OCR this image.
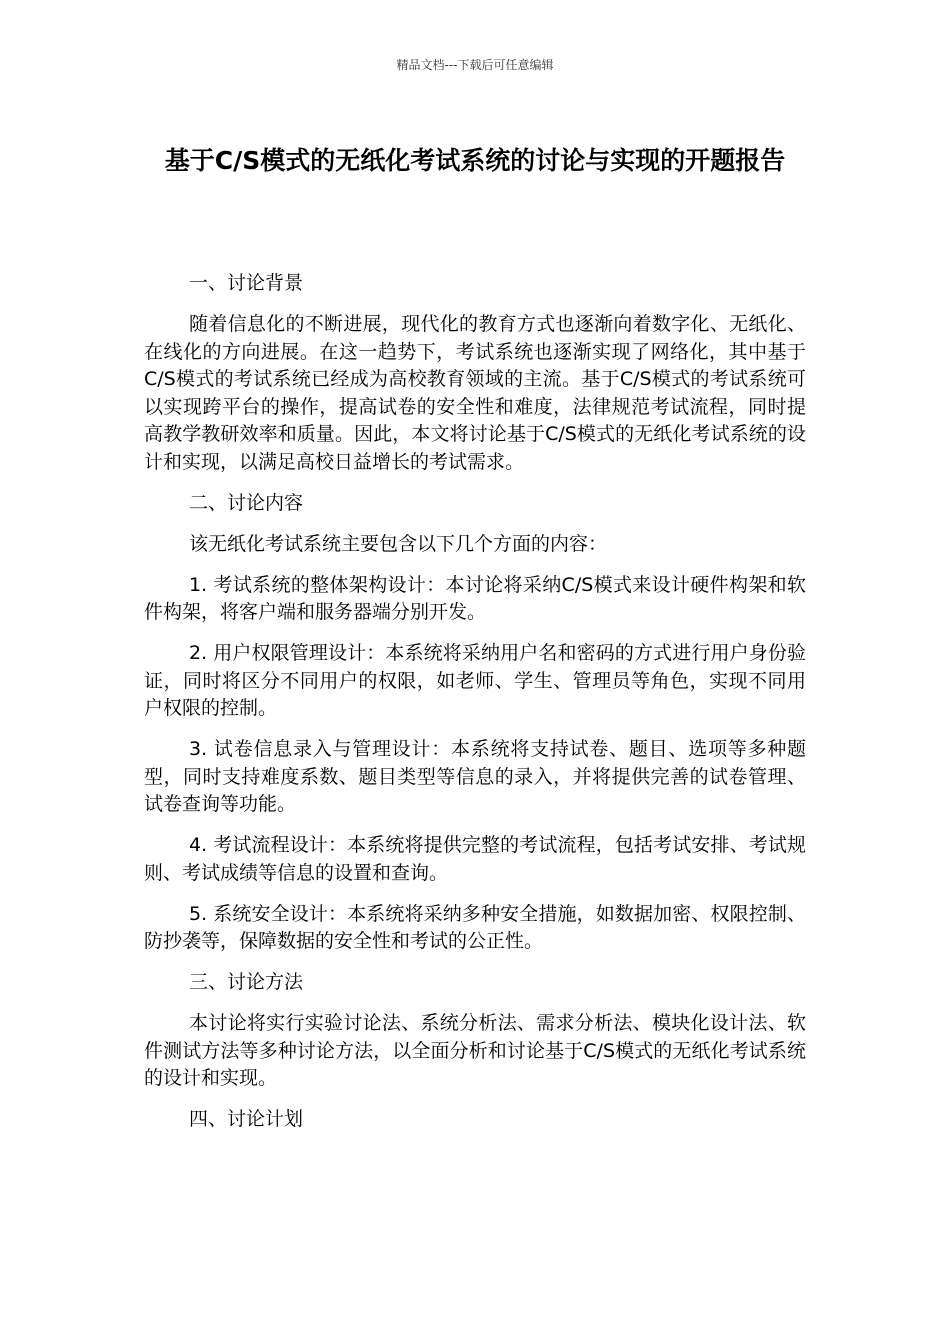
精品文档---下载后可任意编辑
基于C/S模式的无纸化考试系统的讨论与实现的开题报告

一、讨论背景

随着信息化的不断进展，现代化的教育方式也逐渐向着数字化、无纸化、在线化的方向进展。在这一趋势下，考试系统也逐渐实现了网络化，其中基于C/S模式的考试系统已经成为高校教育领域的主流。基于C/S模式的考试系统可以实现跨平台的操作，提高试卷的安全性和难度，法律规范考试流程，同时提高教学教研效率和质量。因此，本文将讨论基于C/S模式的无纸化考试系统的设计和实现，以满足高校日益增长的考试需求。

二、讨论内容

该无纸化考试系统主要包含以下几个方面的内容：

1. 考试系统的整体架构设计：本讨论将采纳C/S模式来设计硬件构架和软件构架，将客户端和服务器端分别开发。

2. 用户权限管理设计：本系统将采纳用户名和密码的方式进行用户身份验证，同时将区分不同用户的权限，如老师、学生、管理员等角色，实现不同用户权限的控制。

3. 试卷信息录入与管理设计：本系统将支持试卷、题目、选项等多种题型，同时支持难度系数、题目类型等信息的录入，并将提供完善的试卷管理、试卷查询等功能。

4. 考试流程设计：本系统将提供完整的考试流程，包括考试安排、考试规则、考试成绩等信息的设置和查询。

5. 系统安全设计：本系统将采纳多种安全措施，如数据加密、权限控制、防抄袭等，保障数据的安全性和考试的公正性。

三、讨论方法

本讨论将实行实验讨论法、系统分析法、需求分析法、模块化设计法、软件测试方法等多种讨论方法，以全面分析和讨论基于C/S模式的无纸化考试系统的设计和实现。

四、讨论计划
